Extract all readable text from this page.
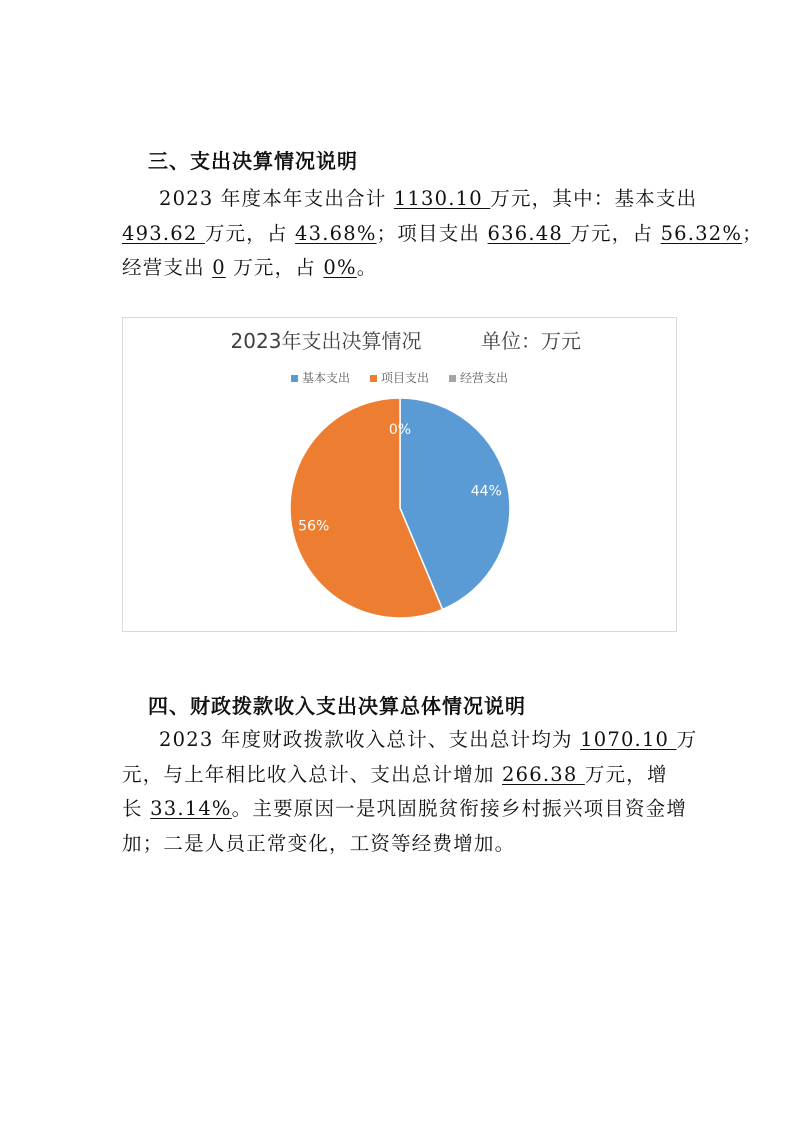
三、支出决算情况说明
2023 年度本年支出合计 1130.10 万元，其中：基本支出
493.62 万元，占 43.68%；项目支出 636.48 万元，占 56.32%；
经营支出 0 万元，占 0%。
2023年支出决算情况	单位：万元
基本支出	项目支出	经营支出
44%
56%
0%
四、财政拨款收入支出决算总体情况说明
2023 年度财政拨款收入总计、支出总计均为 1070.10 万
元，与上年相比收入总计、支出总计增加 266.38 万元，增
长 33.14%。主要原因一是巩固脱贫衔接乡村振兴项目资金增
加；二是人员正常变化，工资等经费增加。
